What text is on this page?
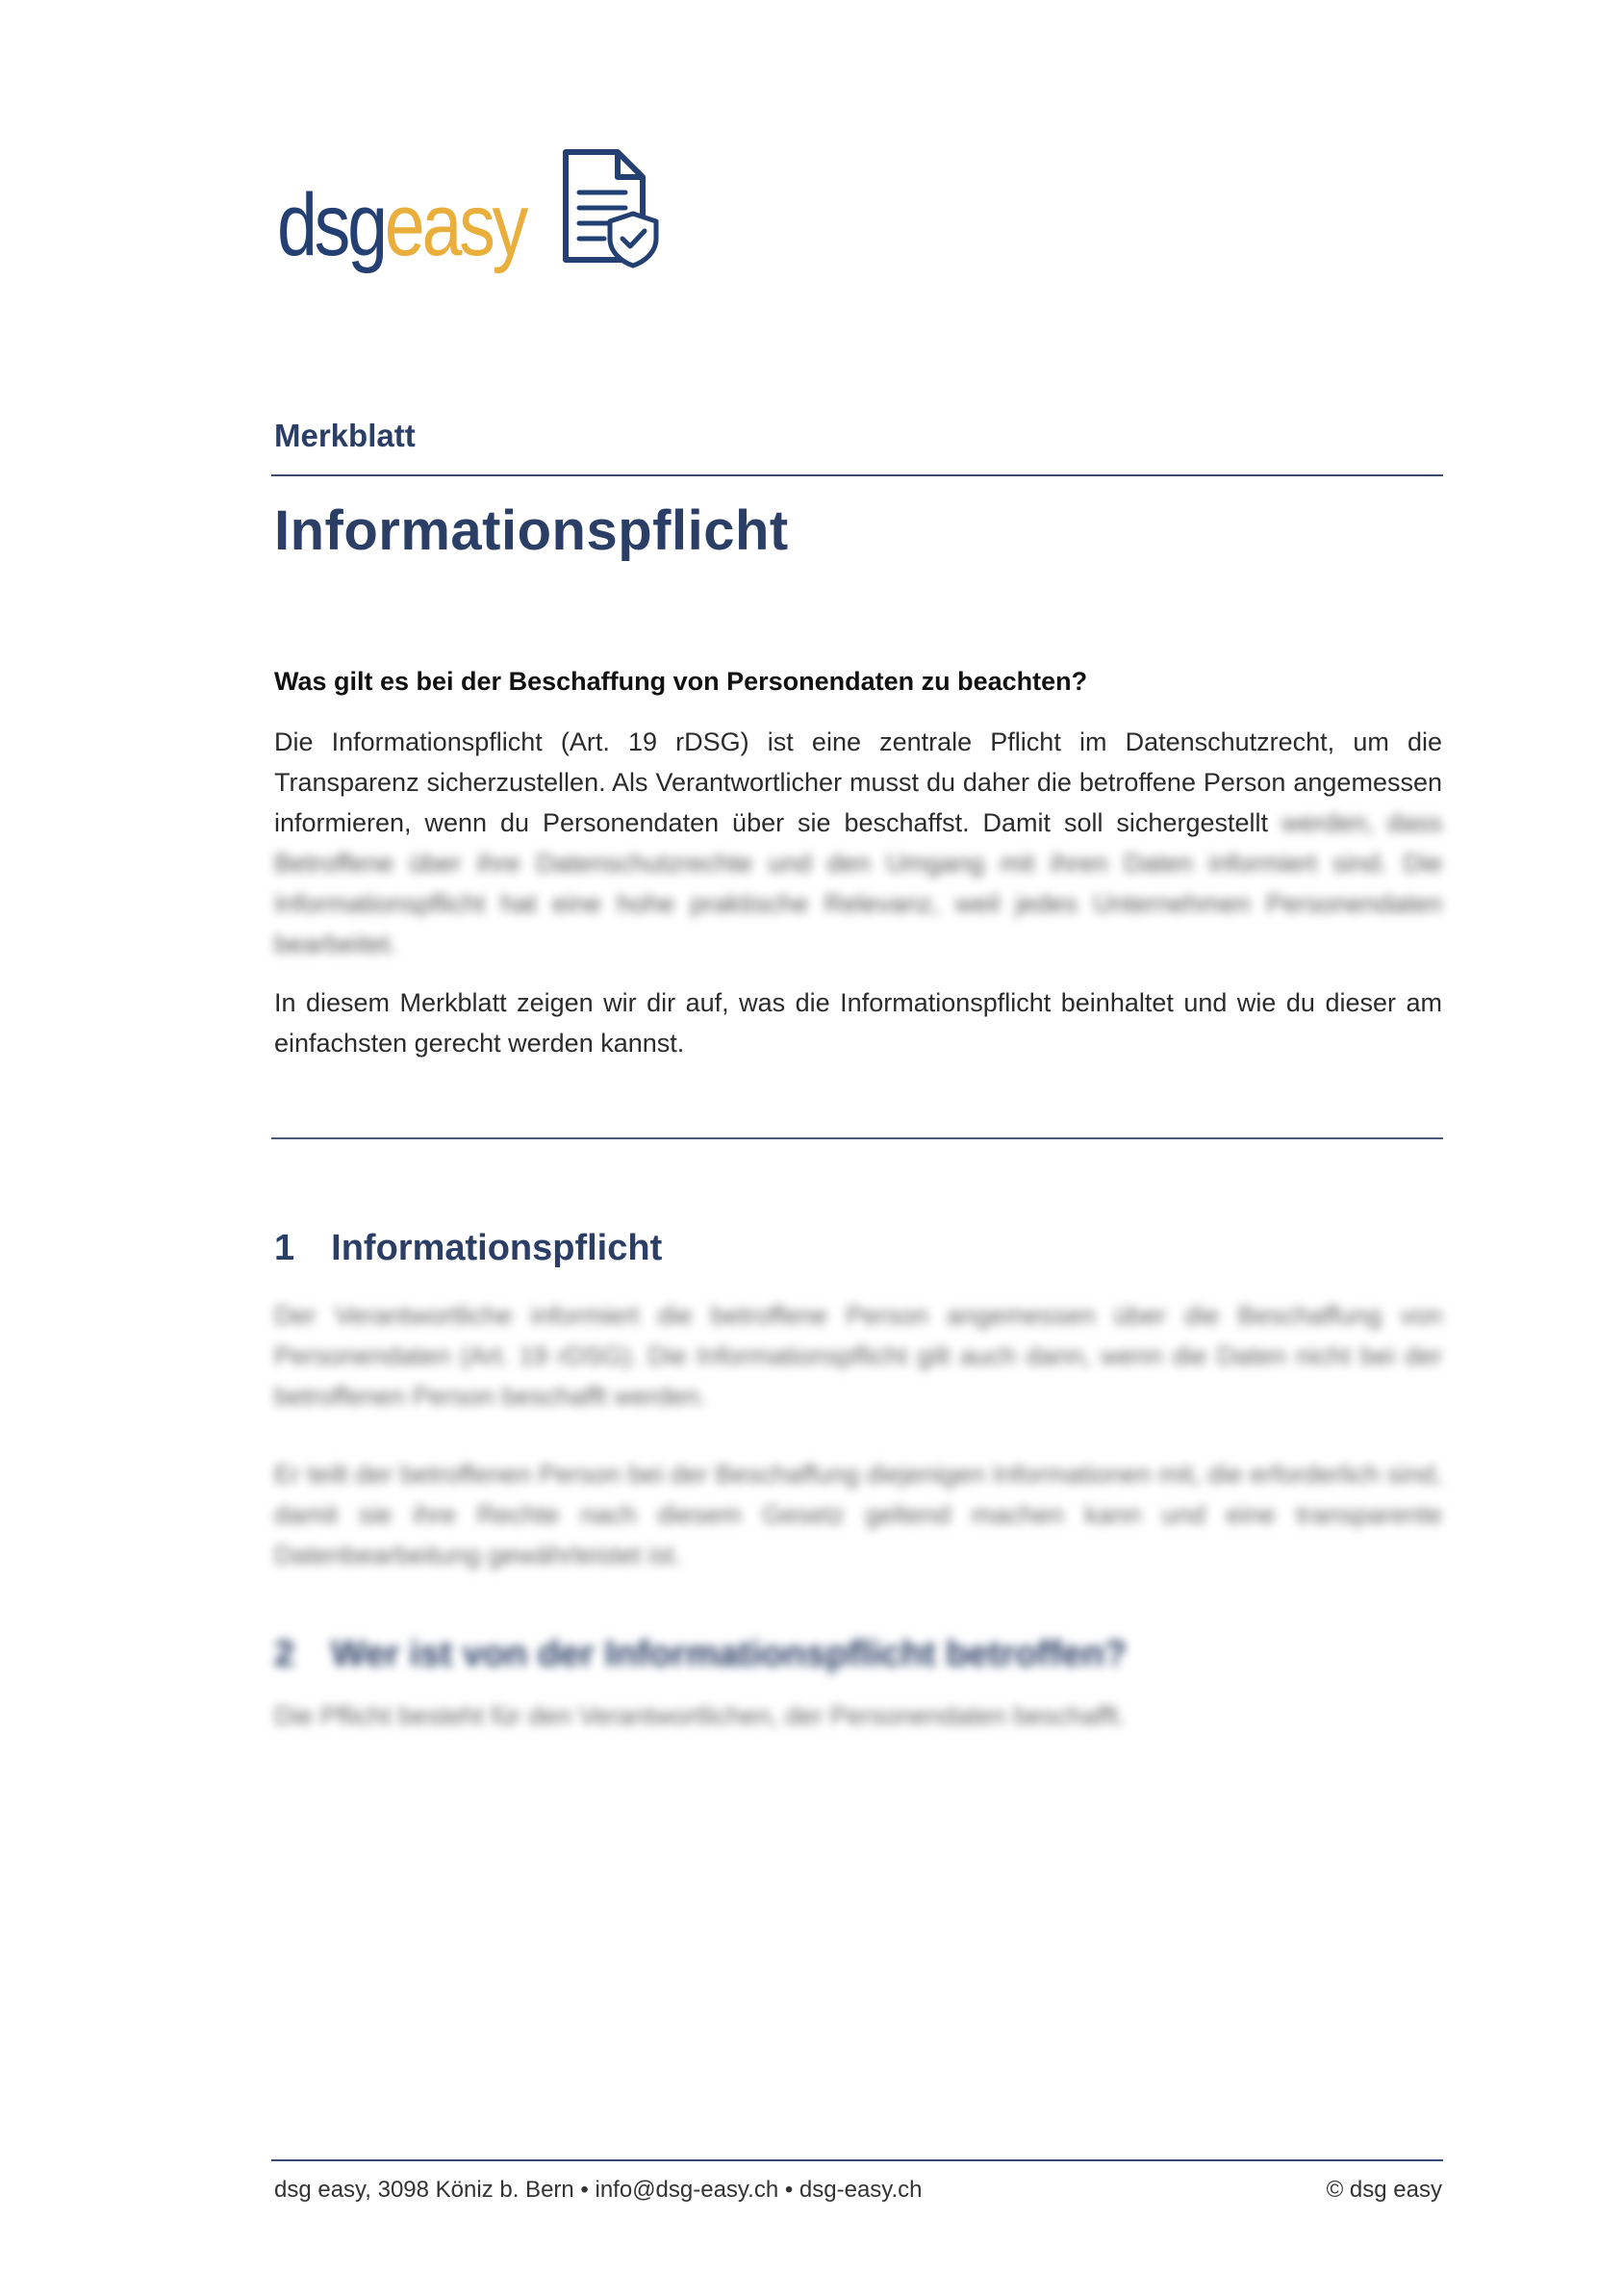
dsgeasy
Merkblatt
Informationspflicht
Was gilt es bei der Beschaffung von Personendaten zu beachten?
Die Informationspflicht (Art. 19 rDSG) ist eine zentrale Pflicht im Datenschutzrecht, um die Transparenz sicherzustellen. Als Verantwortlicher musst du daher die betroffene Person angemessen informieren, wenn du Personendaten über sie beschaffst. Damit soll sichergestellt werden, dass Betroffene über ihre Datenschutzrechte und den Umgang mit ihren Daten informiert sind. Die Informationspflicht hat eine hohe praktische Relevanz, weil jedes Unternehmen Personendaten bearbeitet.
In diesem Merkblatt zeigen wir dir auf, was die Informationspflicht beinhaltet und wie du dieser am einfachsten gerecht werden kannst.
1 Informationspflicht
Der Verantwortliche informiert die betroffene Person angemessen über die Beschaffung von Personendaten (Art. 19 rDSG). Die Informationspflicht gilt auch dann, wenn die Daten nicht bei der betroffenen Person beschafft werden.
Er teilt der betroffenen Person bei der Beschaffung diejenigen Informationen mit, die erforderlich sind, damit sie ihre Rechte nach diesem Gesetz geltend machen kann und eine transparente Datenbearbeitung gewährleistet ist.
2 Wer ist von der Informationspflicht betroffen?
Die Pflicht besteht für den Verantwortlichen, der Personendaten beschafft.
dsg easy, 3098 Köniz b. Bern • info@dsg-easy.ch • dsg-easy.ch	© dsg easy
